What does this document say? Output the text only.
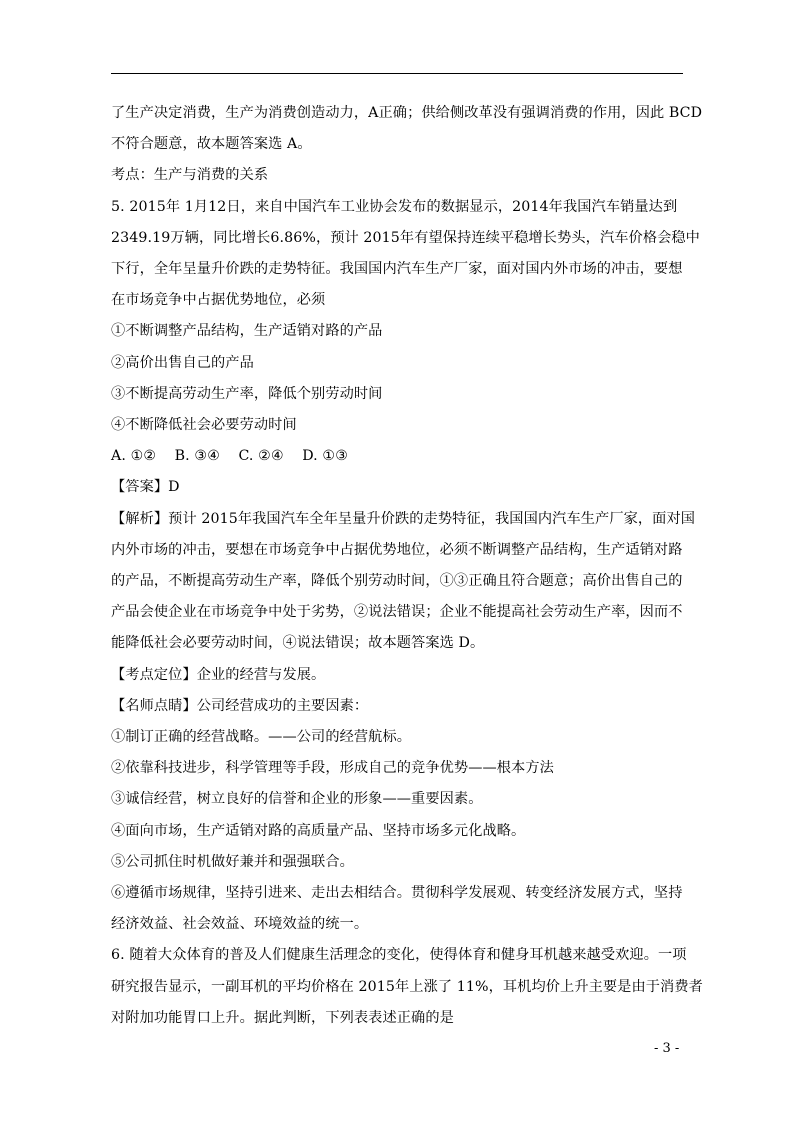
了生产决定消费，生产为消费创造动力，A正确；供给侧改革没有强调消费的作用，因此 BCD
不符合题意，故本题答案选 A。
考点：生产与消费的关系
5. 2015年 1月12日，来自中国汽车工业协会发布的数据显示，2014年我国汽车销量达到
2349.19万辆，同比增长6.86%，预计 2015年有望保持连续平稳增长势头，汽车价格会稳中
下行，全年呈量升价跌的走势特征。我国国内汽车生产厂家，面对国内外市场的冲击，要想
在市场竞争中占据优势地位，必须
①不断调整产品结构，生产适销对路的产品
②高价出售自己的产品
③不断提高劳动生产率，降低个别劳动时间
④不断降低社会必要劳动时间
A. ①②    B. ③④    C. ②④    D. ①③
【答案】D
【解析】预计 2015年我国汽车全年呈量升价跌的走势特征，我国国内汽车生产厂家，面对国
内外市场的冲击，要想在市场竞争中占据优势地位，必须不断调整产品结构，生产适销对路
的产品，不断提高劳动生产率，降低个别劳动时间，①③正确且符合题意；高价出售自己的
产品会使企业在市场竞争中处于劣势，②说法错误；企业不能提高社会劳动生产率，因而不
能降低社会必要劳动时间，④说法错误；故本题答案选 D。
【考点定位】企业的经营与发展。
【名师点睛】公司经营成功的主要因素：
①制订正确的经营战略。——公司的经营航标。
②依靠科技进步，科学管理等手段，形成自己的竞争优势——根本方法
③诚信经营，树立良好的信誉和企业的形象——重要因素。
④面向市场，生产适销对路的高质量产品、坚持市场多元化战略。
⑤公司抓住时机做好兼并和强强联合。
⑥遵循市场规律，坚持引进来、走出去相结合。贯彻科学发展观、转变经济发展方式，坚持
经济效益、社会效益、环境效益的统一。
6. 随着大众体育的普及人们健康生活理念的变化，使得体育和健身耳机越来越受欢迎。一项
研究报告显示，一副耳机的平均价格在 2015年上涨了 11%，耳机均价上升主要是由于消费者
对附加功能胃口上升。据此判断，下列表表述正确的是
- 3 -
